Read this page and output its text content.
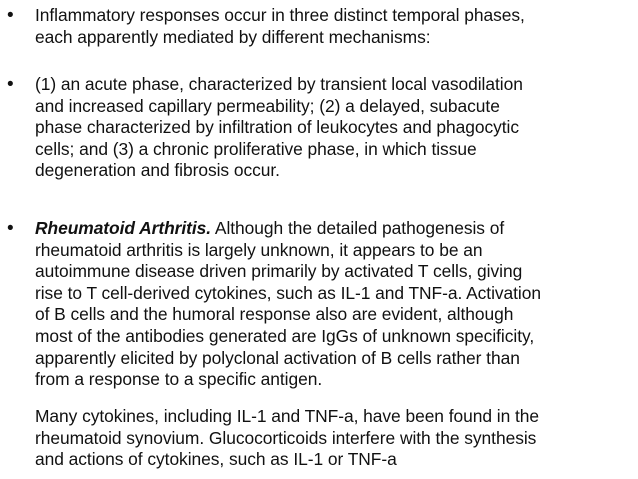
• Inflammatory responses occur in three distinct temporal phases,
each apparently mediated by different mechanisms:

• (1) an acute phase, characterized by transient local vasodilation
and increased capillary permeability; (2) a delayed, subacute
phase characterized by infiltration of leukocytes and phagocytic
cells; and (3) a chronic proliferative phase, in which tissue
degeneration and fibrosis occur.

• Rheumatoid Arthritis. Although the detailed pathogenesis of
rheumatoid arthritis is largely unknown, it appears to be an
autoimmune disease driven primarily by activated T cells, giving
rise to T cell-derived cytokines, such as IL-1 and TNF-a. Activation
of B cells and the humoral response also are evident, although
most of the antibodies generated are IgGs of unknown specificity,
apparently elicited by polyclonal activation of B cells rather than
from a response to a specific antigen.

Many cytokines, including IL-1 and TNF-a, have been found in the
rheumatoid synovium. Glucocorticoids interfere with the synthesis
and actions of cytokines, such as IL-1 or TNF-a
